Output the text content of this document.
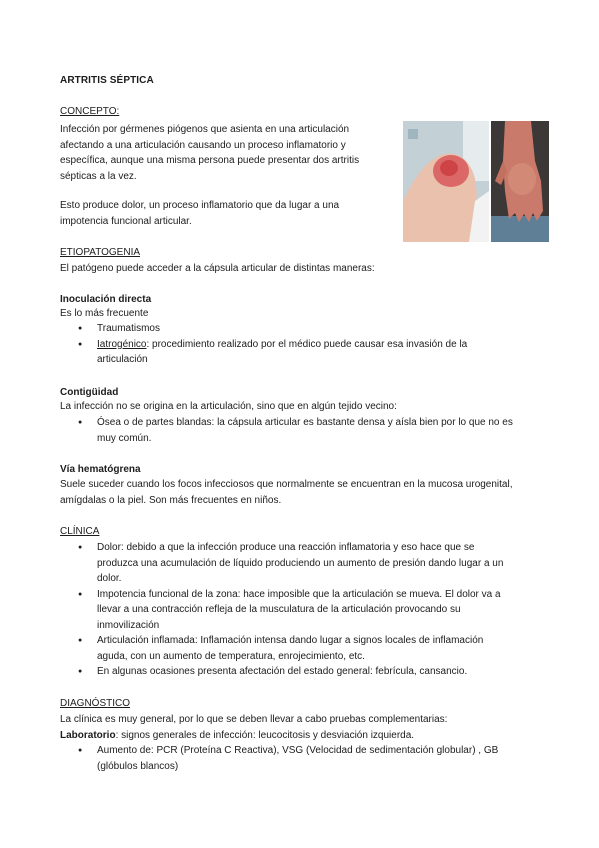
ARTRITIS SÉPTICA
CONCEPTO:
Infección por gérmenes piógenos que asienta en una articulación
afectando a una articulación causando un proceso inflamatorio y
específica, aunque una misma persona puede presentar dos artritis
sépticas a la vez.
Esto produce dolor, un proceso inflamatorio que da lugar a una
impotencia funcional articular.
ETIOPATOGENIA
El patógeno puede acceder a la cápsula articular de distintas maneras:
Inoculación directa
Es lo más frecuente
● Traumatismos
● Iatrogénico: procedimiento realizado por el médico puede causar esa invasión de la
articulación
Contigüidad
La infección no se origina en la articulación, sino que en algún tejido vecino:
● Ósea o de partes blandas: la cápsula articular es bastante densa y aísla bien por lo que no es
muy común.
Vía hematógrena
Suele suceder cuando los focos infecciosos que normalmente se encuentran en la mucosa urogenital,
amígdalas o la piel. Son más frecuentes en niños.
CLÍNICA
● Dolor: debido a que la infección produce una reacción inflamatoria y eso hace que se
produzca una acumulación de líquido produciendo un aumento de presión dando lugar a un
dolor.
● Impotencia funcional de la zona: hace imposible que la articulación se mueva. El dolor va a
llevar a una contracción refleja de la musculatura de la articulación provocando su
inmovilización
● Articulación inflamada: Inflamación intensa dando lugar a signos locales de inflamación
aguda, con un aumento de temperatura, enrojecimiento, etc.
● En algunas ocasiones presenta afectación del estado general: febrícula, cansancio.
DIAGNÓSTICO
La clínica es muy general, por lo que se deben llevar a cabo pruebas complementarias:
Laboratorio: signos generales de infección: leucocitosis y desviación izquierda.
● Aumento de: PCR (Proteína C Reactiva), VSG (Velocidad de sedimentación globular) , GB
(glóbulos blancos)
